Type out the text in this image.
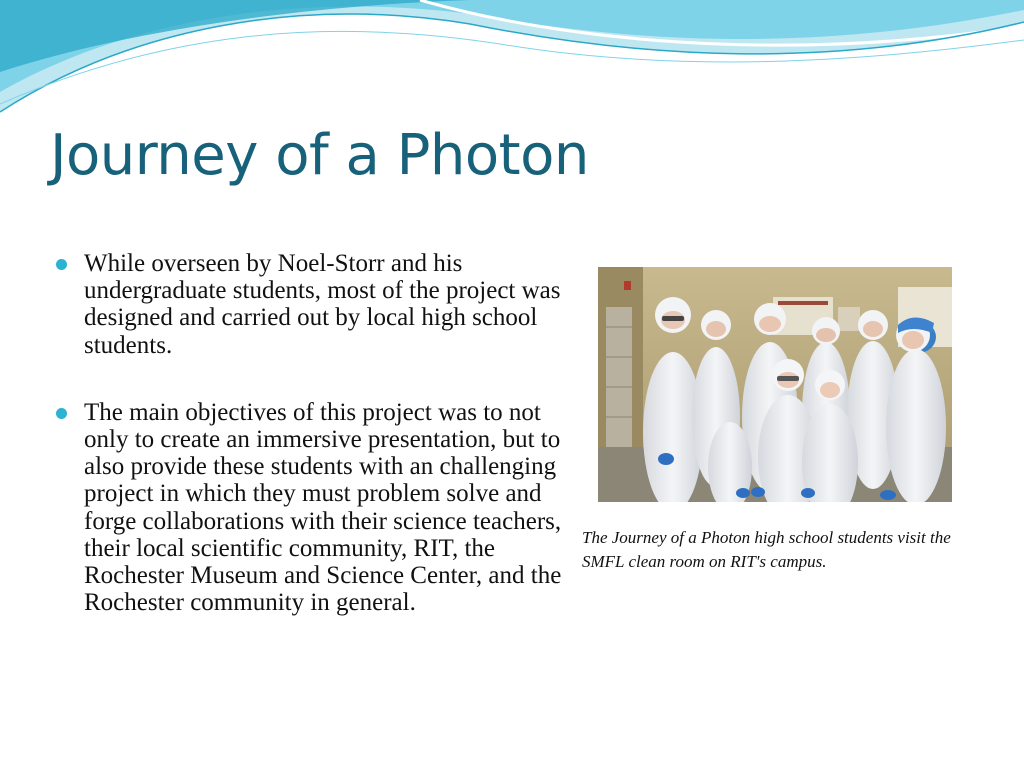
Journey of a Photon
While overseen by Noel-Storr and his undergraduate students, most of the project was designed and carried out by local high school students.
The main objectives of this project was to not only to create an immersive presentation, but to also provide these students with an challenging project in which they must problem solve and forge collaborations with their science teachers, their local scientific community, RIT, the Rochester Museum and Science Center, and the Rochester community in general.

The Journey of a Photon high school students visit the SMFL clean room on RIT's campus.
